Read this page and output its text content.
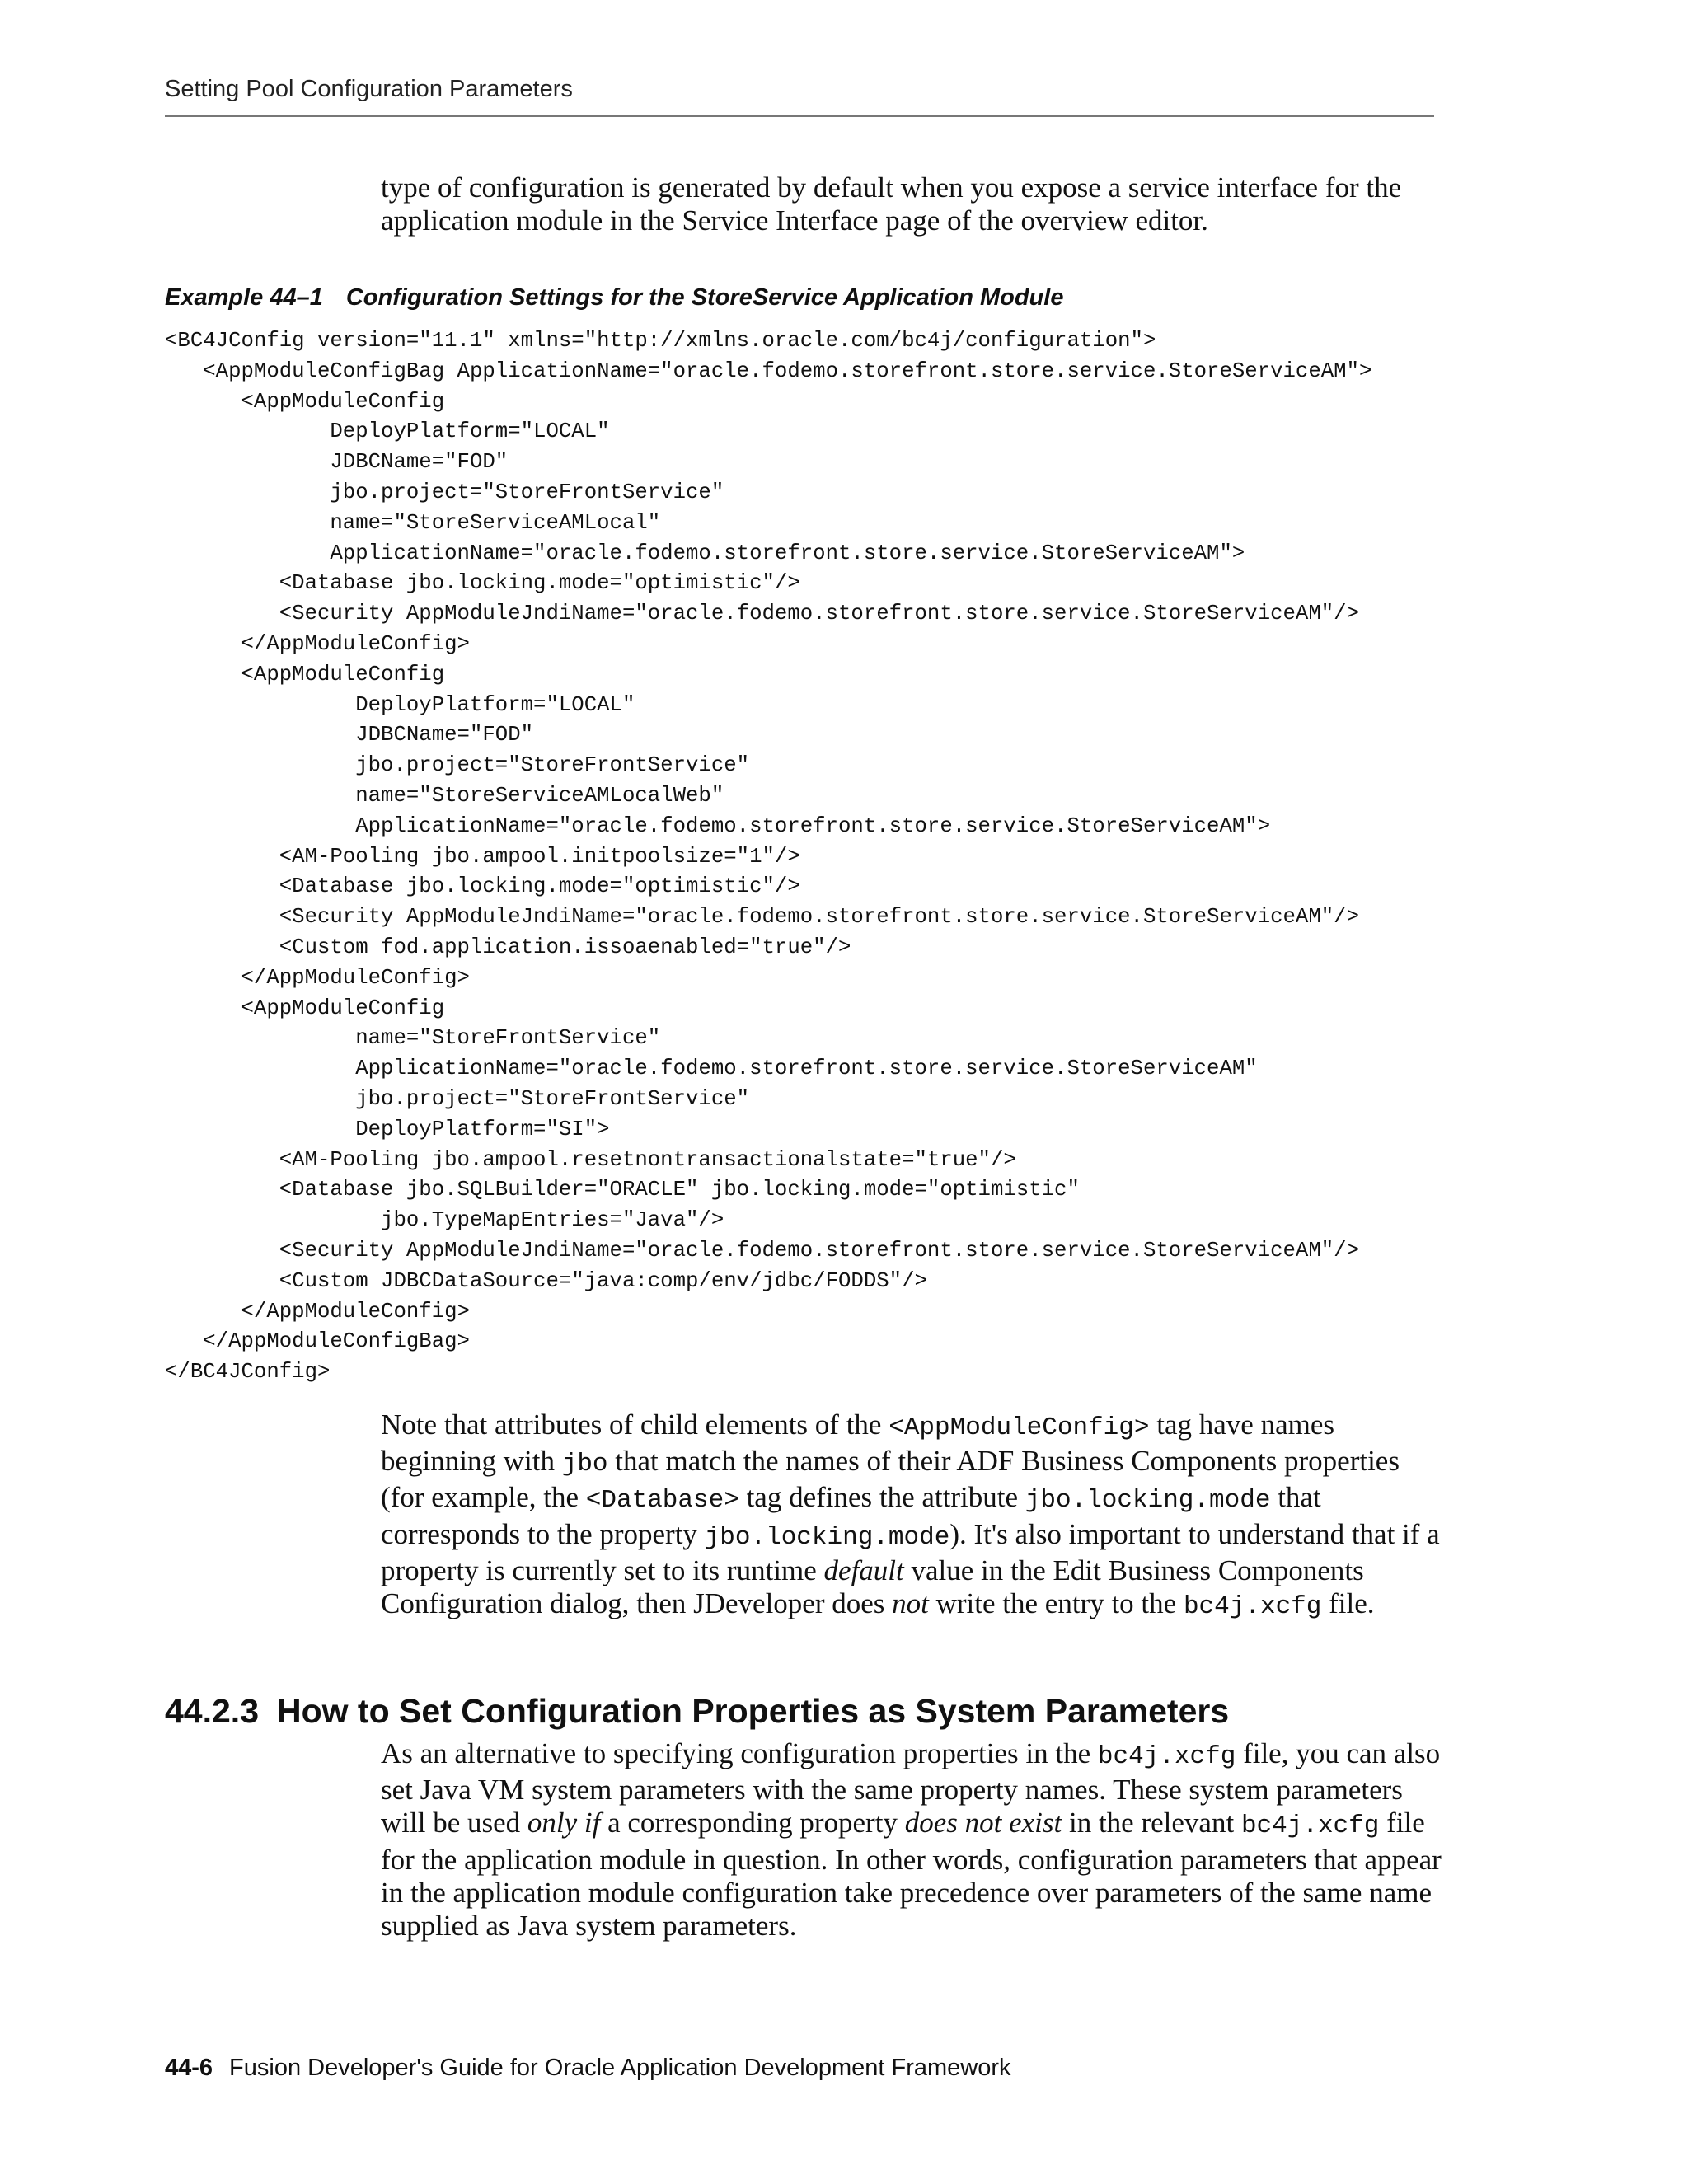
Setting Pool Configuration Parameters

type of configuration is generated by default when you expose a service interface for the application module in the Service Interface page of the overview editor.

Example 44–1 Configuration Settings for the StoreService Application Module
<BC4JConfig version="11.1" xmlns="http://xmlns.oracle.com/bc4j/configuration">
<AppModuleConfigBag ApplicationName="oracle.fodemo.storefront.store.service.StoreServiceAM">
<AppModuleConfig
DeployPlatform="LOCAL"
JDBCName="FOD"
jbo.project="StoreFrontService"
name="StoreServiceAMLocal"
ApplicationName="oracle.fodemo.storefront.store.service.StoreServiceAM">
<Database jbo.locking.mode="optimistic"/>
<Security AppModuleJndiName="oracle.fodemo.storefront.store.service.StoreServiceAM"/>
</AppModuleConfig>
<AppModuleConfig
DeployPlatform="LOCAL"
JDBCName="FOD"
jbo.project="StoreFrontService"
name="StoreServiceAMLocalWeb"
ApplicationName="oracle.fodemo.storefront.store.service.StoreServiceAM">
<AM-Pooling jbo.ampool.initpoolsize="1"/>
<Database jbo.locking.mode="optimistic"/>
<Security AppModuleJndiName="oracle.fodemo.storefront.store.service.StoreServiceAM"/>
<Custom fod.application.issoaenabled="true"/>
</AppModuleConfig>
<AppModuleConfig
name="StoreFrontService"
ApplicationName="oracle.fodemo.storefront.store.service.StoreServiceAM"
jbo.project="StoreFrontService"
DeployPlatform="SI">
<AM-Pooling jbo.ampool.resetnontransactionalstate="true"/>
<Database jbo.SQLBuilder="ORACLE" jbo.locking.mode="optimistic"
jbo.TypeMapEntries="Java"/>
<Security AppModuleJndiName="oracle.fodemo.storefront.store.service.StoreServiceAM"/>
<Custom JDBCDataSource="java:comp/env/jdbc/FODDS"/>
</AppModuleConfig>
</AppModuleConfigBag>
</BC4JConfig>

Note that attributes of child elements of the <AppModuleConfig> tag have names beginning with jbo that match the names of their ADF Business Components properties (for example, the <Database> tag defines the attribute jbo.locking.mode that corresponds to the property jbo.locking.mode). It's also important to understand that if a property is currently set to its runtime default value in the Edit Business Components Configuration dialog, then JDeveloper does not write the entry to the bc4j.xcfg file.

44.2.3 How to Set Configuration Properties as System Parameters

As an alternative to specifying configuration properties in the bc4j.xcfg file, you can also set Java VM system parameters with the same property names. These system parameters will be used only if a corresponding property does not exist in the relevant bc4j.xcfg file for the application module in question. In other words, configuration parameters that appear in the application module configuration take precedence over parameters of the same name supplied as Java system parameters.

44-6 Fusion Developer's Guide for Oracle Application Development Framework
